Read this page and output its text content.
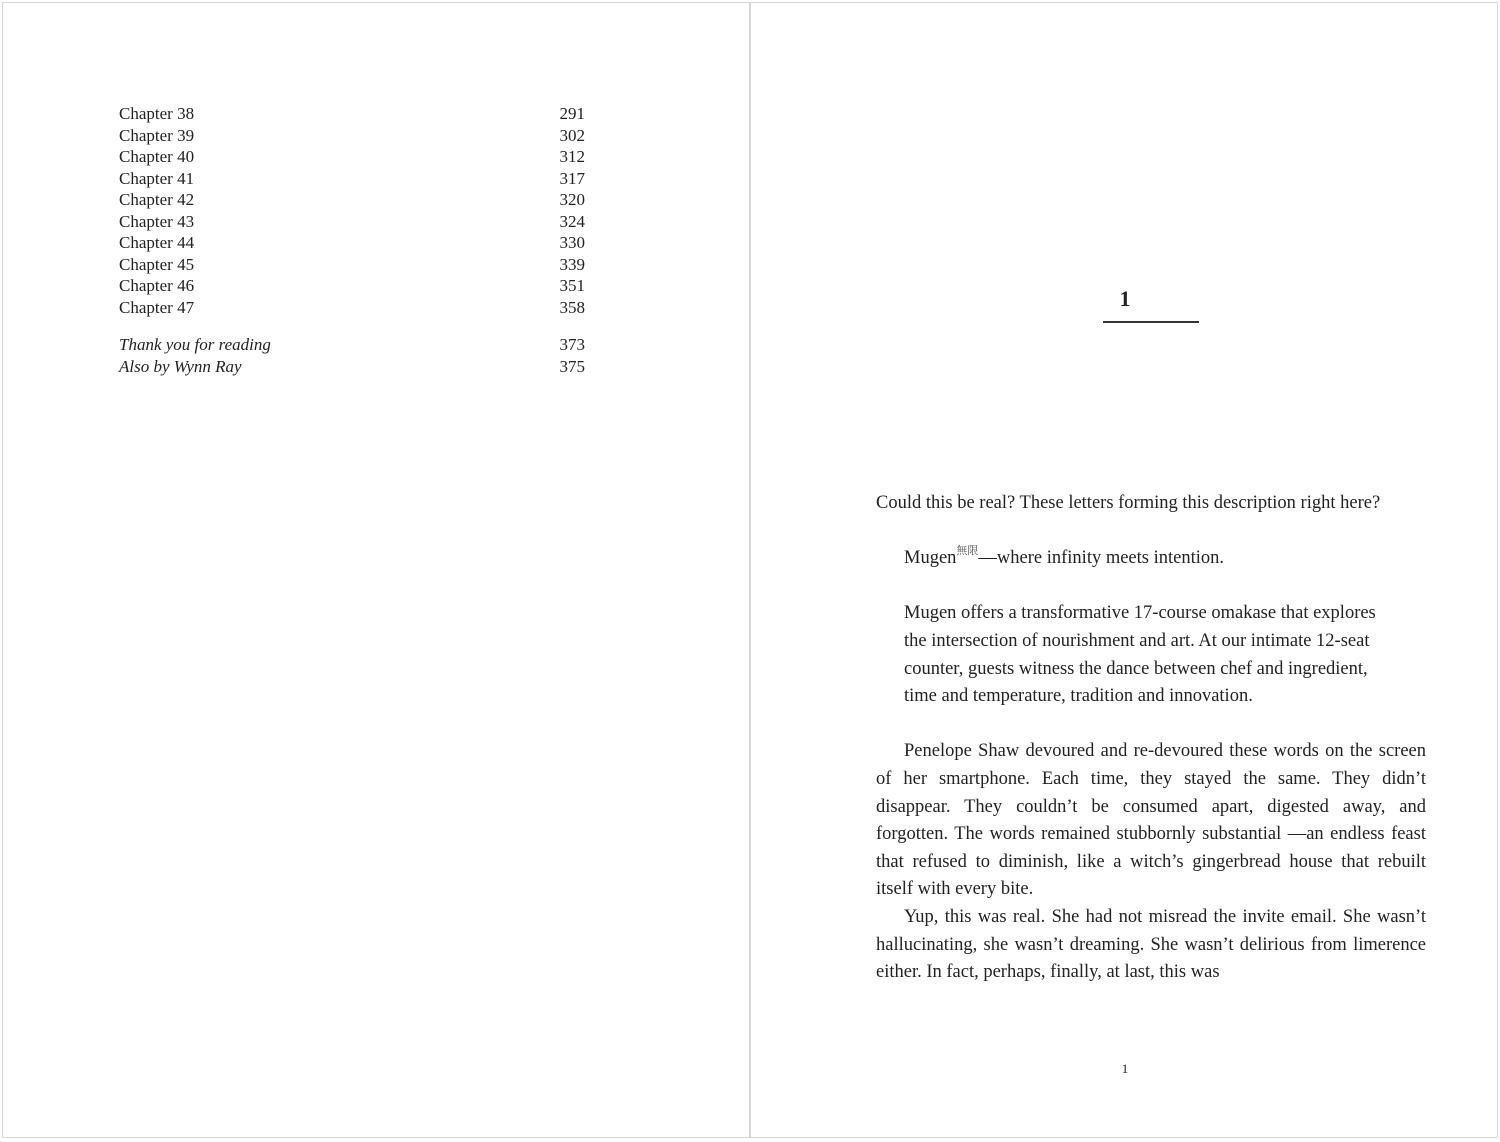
Chapter 38	291
Chapter 39	302
Chapter 40	312
Chapter 41	317
Chapter 42	320
Chapter 43	324
Chapter 44	330
Chapter 45	339
Chapter 46	351
Chapter 47	358
Thank you for reading	373
Also by Wynn Ray	375
1

Could this be real? These letters forming this description right here?

Mugen$^{無限}$—where infinity meets intention.

Mugen offers a transformative 17-course omakase that explores the intersection of nourishment and art. At our intimate 12-seat counter, guests witness the dance between chef and ingredient, time and temperature, tradition and innovation.

Penelope Shaw devoured and re-devoured these words on the screen of her smartphone. Each time, they stayed the same. They didn’t disappear. They couldn’t be consumed apart, digested away, and forgotten. The words remained stubbornly substantial —an endless feast that refused to diminish, like a witch’s gingerbread house that rebuilt itself with every bite.

Yup, this was real. She had not misread the invite email. She wasn’t hallucinating, she wasn’t dreaming. She wasn’t delirious from limerence either. In fact, perhaps, finally, at last, this was

1
